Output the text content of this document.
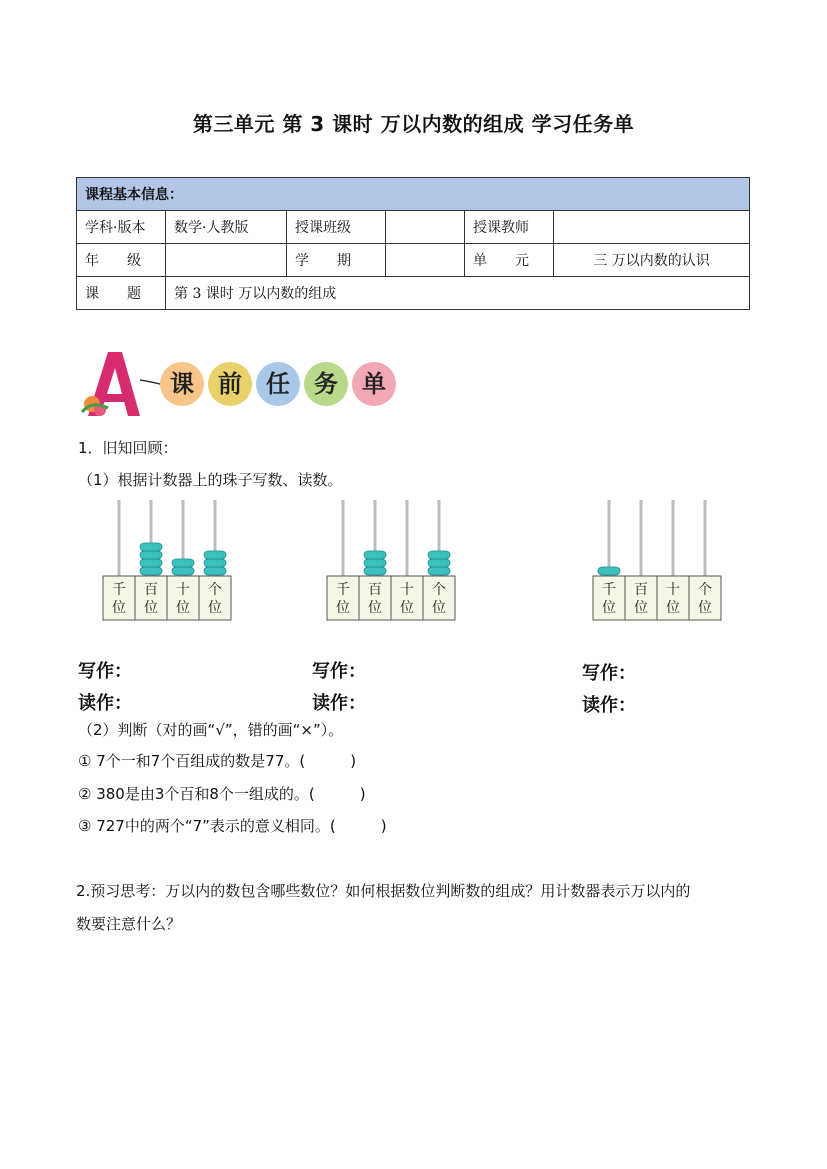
第三单元 第 3 课时 万以内数的组成 学习任务单
课程基本信息：					
学科·版本	数学·人教版	授课班级		授课教师	
年　　级		学　　期		单　　元	三 万以内数的认识
课　　题	第 3 课时 万以内数的组成				
A
课	前	任	务	单
1．旧知回顾：
（1）根据计数器上的珠子写数、读数。
千
位
百
位
十
位
个
位
千
位
百
位
十
位
个
位
千
位
百
位
十
位
个
位
写作：	写作：	写作：
读作：	读作：	读作：
（2）判断（对的画“√”，错的画“×”）。
① 7个一和7个百组成的数是77。(　　　)
② 380是由3个百和8个一组成的。(　　　)
③ 727中的两个“7”表示的意义相同。(　　　)
2.预习思考：万以内的数包含哪些数位？如何根据数位判断数的组成？用计数器表示万以内的
数要注意什么？
